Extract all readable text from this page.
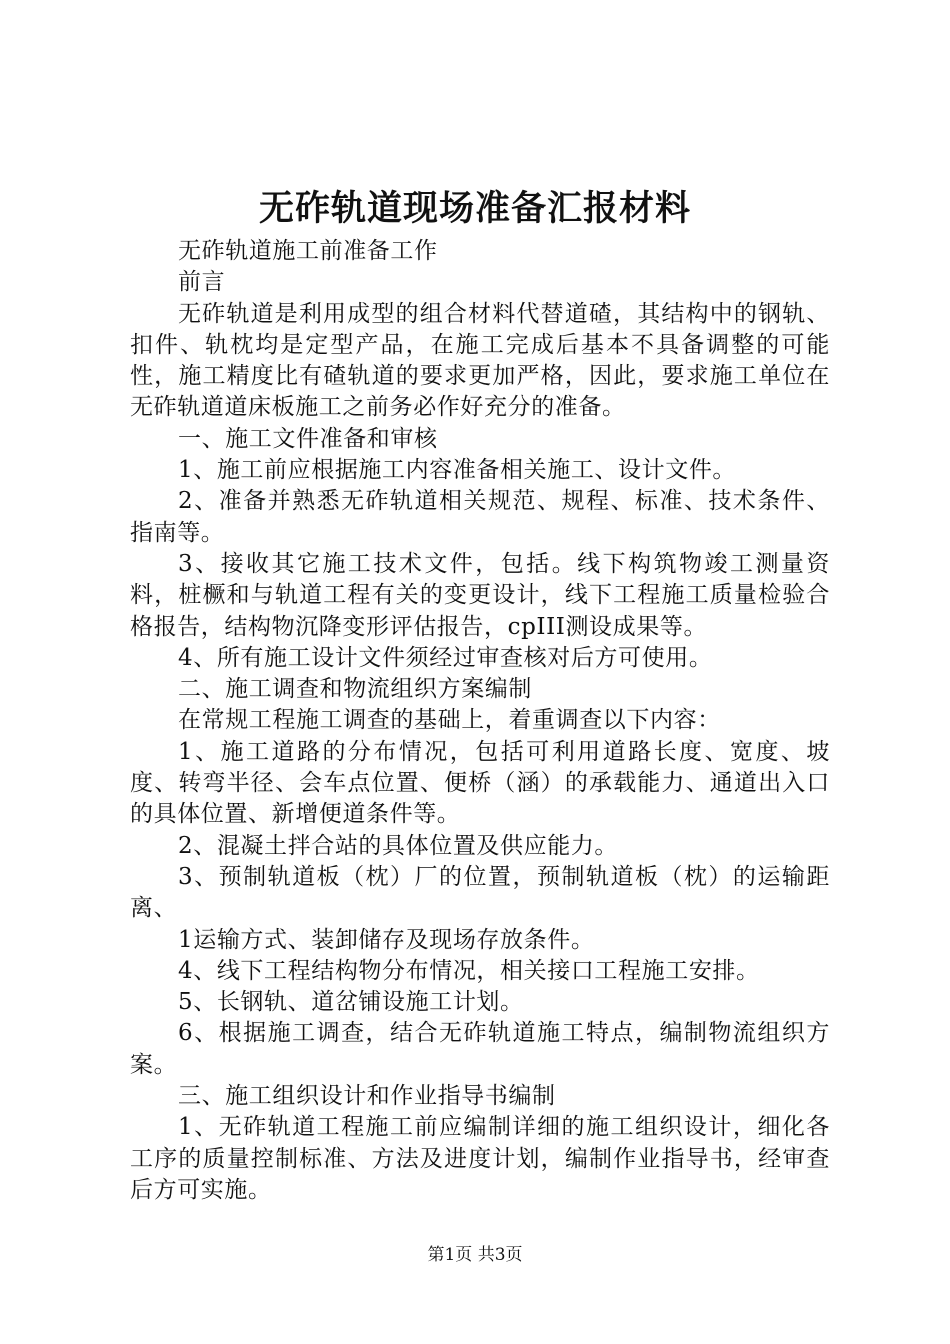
无砟轨道现场准备汇报材料

无砟轨道施工前准备工作

前言

无砟轨道是利用成型的组合材料代替道碴，其结构中的钢轨、扣件、轨枕均是定型产品，在施工完成后基本不具备调整的可能性，施工精度比有碴轨道的要求更加严格，因此，要求施工单位在无砟轨道道床板施工之前务必作好充分的准备。

一、施工文件准备和审核

1、施工前应根据施工内容准备相关施工、设计文件。

2、准备并熟悉无砟轨道相关规范、规程、标准、技术条件、指南等。

3、接收其它施工技术文件，包括。线下构筑物竣工测量资料，桩橛和与轨道工程有关的变更设计，线下工程施工质量检验合格报告，结构物沉降变形评估报告，cpIII测设成果等。

4、所有施工设计文件须经过审查核对后方可使用。

二、施工调查和物流组织方案编制

在常规工程施工调查的基础上，着重调查以下内容：

1、施工道路的分布情况，包括可利用道路长度、宽度、坡度、转弯半径、会车点位置、便桥（涵）的承载能力、通道出入口的具体位置、新增便道条件等。

2、混凝土拌合站的具体位置及供应能力。

3、预制轨道板（枕）厂的位置，预制轨道板（枕）的运输距离、

1运输方式、装卸储存及现场存放条件。

4、线下工程结构物分布情况，相关接口工程施工安排。

5、长钢轨、道岔铺设施工计划。

6、根据施工调查，结合无砟轨道施工特点，编制物流组织方案。

三、施工组织设计和作业指导书编制

1、无砟轨道工程施工前应编制详细的施工组织设计，细化各工序的质量控制标准、方法及进度计划，编制作业指导书，经审查后方可实施。

第1页 共3页
